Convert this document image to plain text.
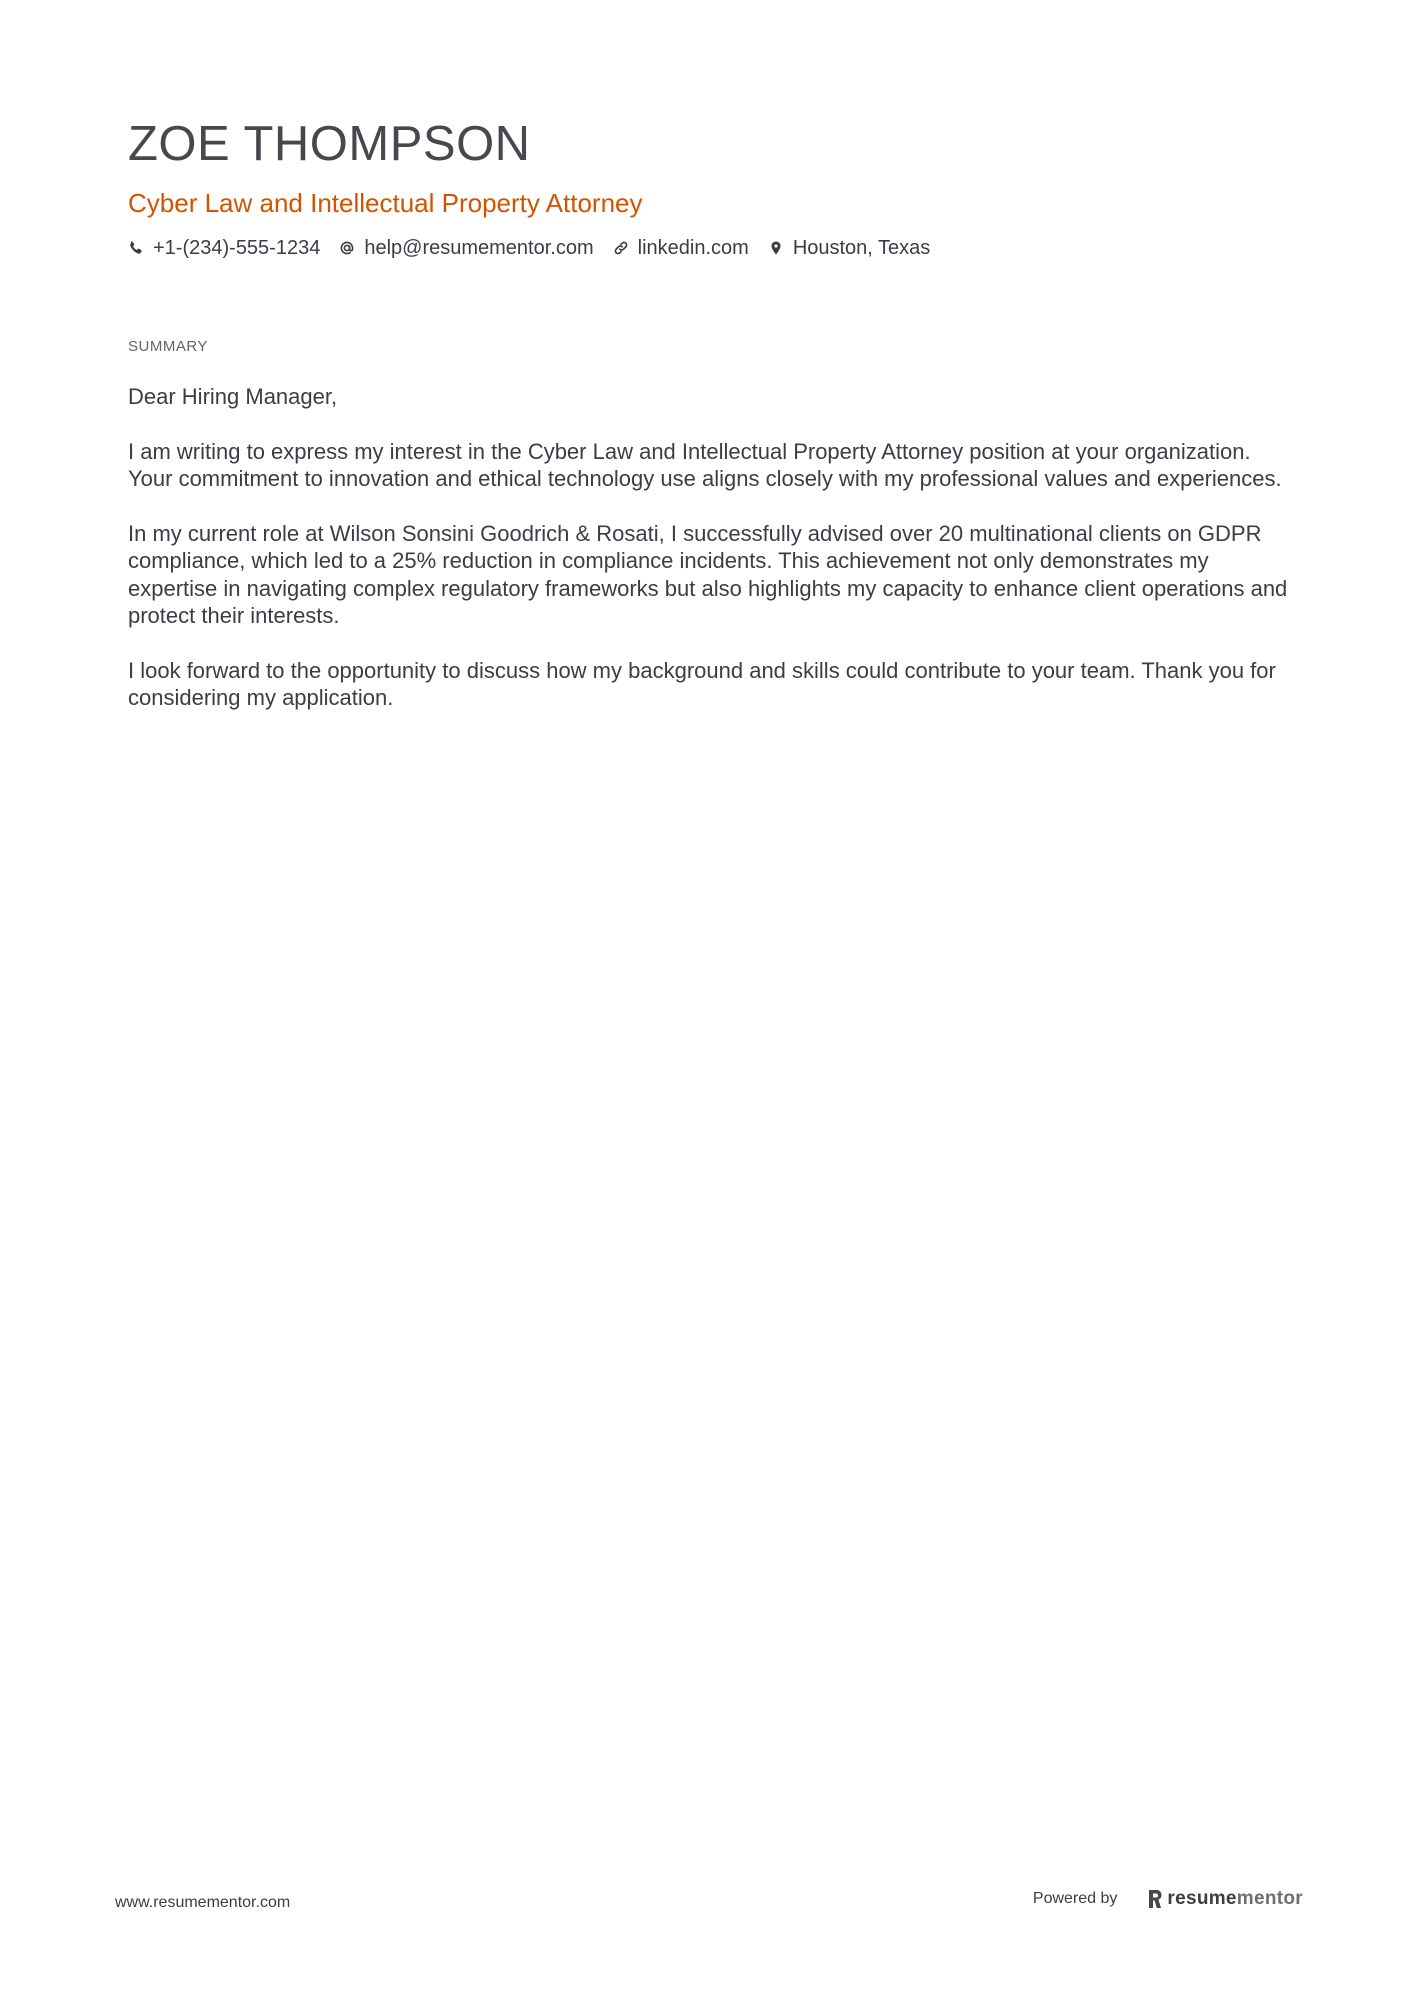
ZOE THOMPSON
Cyber Law and Intellectual Property Attorney
+1-(234)-555-1234 help@resumementor.com linkedin.com Houston, Texas
SUMMARY

Dear Hiring Manager,

I am writing to express my interest in the Cyber Law and Intellectual Property Attorney position at your organization. Your commitment to innovation and ethical technology use aligns closely with my professional values and experiences.

In my current role at Wilson Sonsini Goodrich & Rosati, I successfully advised over 20 multinational clients on GDPR compliance, which led to a 25% reduction in compliance incidents. This achievement not only demonstrates my expertise in navigating complex regulatory frameworks but also highlights my capacity to enhance client operations and protect their interests.

I look forward to the opportunity to discuss how my background and skills could contribute to your team. Thank you for considering my application.

www.resumementor.com	Powered by	resume mentor
